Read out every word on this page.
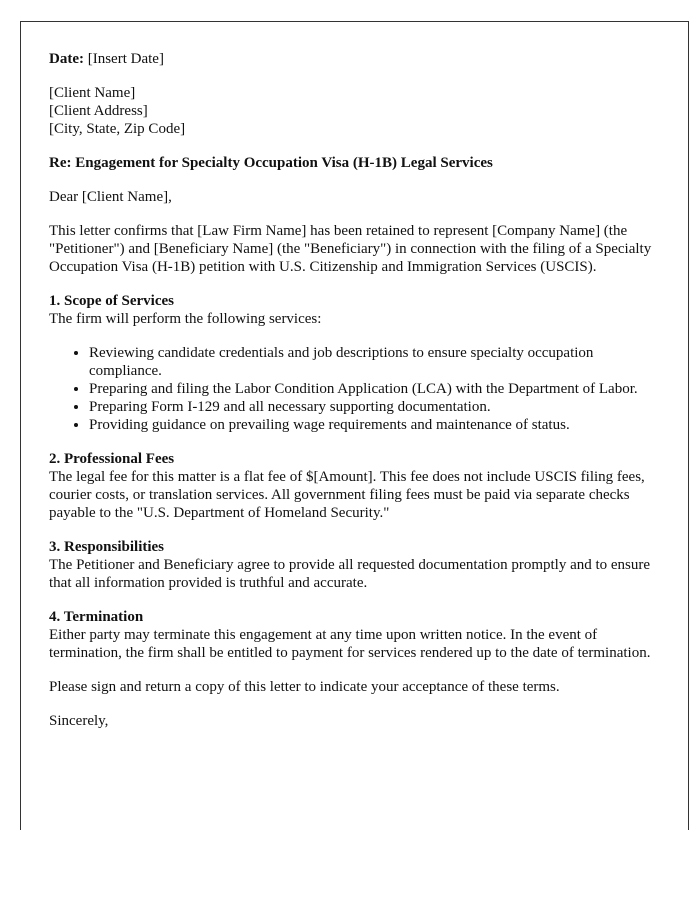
Date: [Insert Date]

[Client Name]
[Client Address]
[City, State, Zip Code]

Re: Engagement for Specialty Occupation Visa (H-1B) Legal Services

Dear [Client Name],

This letter confirms that [Law Firm Name] has been retained to represent [Company Name] (the "Petitioner") and [Beneficiary Name] (the "Beneficiary") in connection with the filing of a Specialty Occupation Visa (H-1B) petition with U.S. Citizenship and Immigration Services (USCIS).

1. Scope of Services

The firm will perform the following services:

• Reviewing candidate credentials and job descriptions to ensure specialty occupation compliance.
• Preparing and filing the Labor Condition Application (LCA) with the Department of Labor.
• Preparing Form I-129 and all necessary supporting documentation.
• Providing guidance on prevailing wage requirements and maintenance of status.

2. Professional Fees

The legal fee for this matter is a flat fee of $[Amount]. This fee does not include USCIS filing fees, courier costs, or translation services. All government filing fees must be paid via separate checks payable to the "U.S. Department of Homeland Security."

3. Responsibilities

The Petitioner and Beneficiary agree to provide all requested documentation promptly and to ensure that all information provided is truthful and accurate.

4. Termination

Either party may terminate this engagement at any time upon written notice. In the event of termination, the firm shall be entitled to payment for services rendered up to the date of termination.

Please sign and return a copy of this letter to indicate your acceptance of these terms.

Sincerely,
